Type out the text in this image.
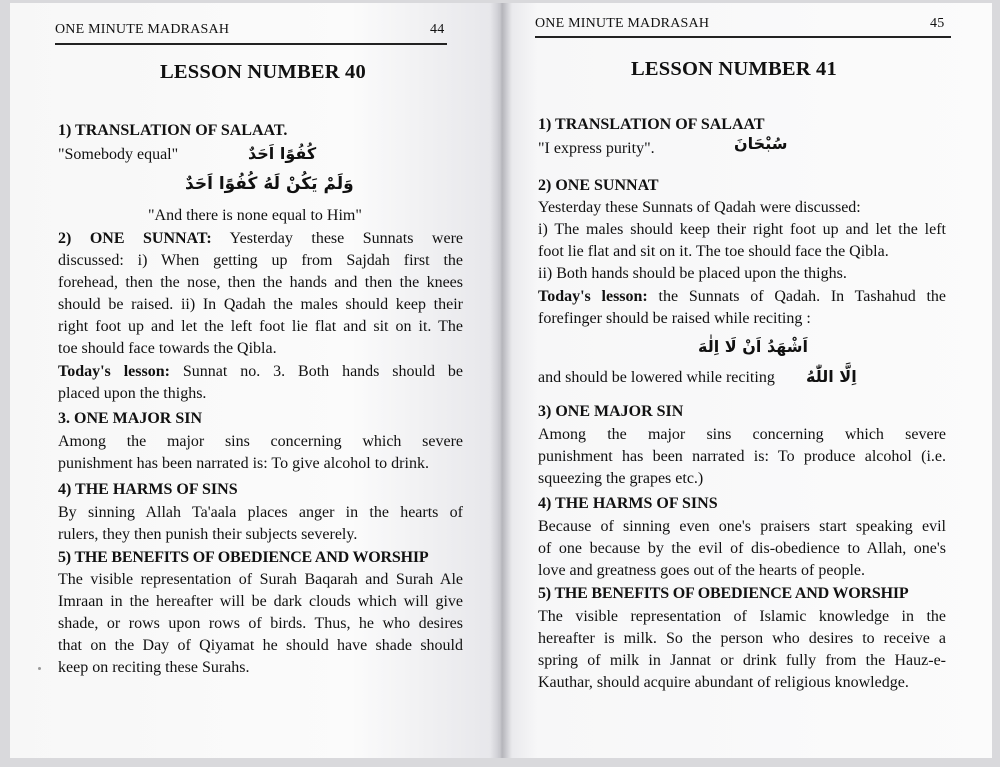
ONE MINUTE MADRASAH	44
LESSON NUMBER 40
1) TRANSLATION OF SALAAT.
"Somebody equal"	كُفُوًا اَحَدٌ
وَلَمْ يَكُنْ لَهُ كُفُوًا اَحَدٌ
"And there is none equal to Him"
2) ONE SUNNAT: Yesterday these Sunnats were
discussed: i) When getting up from Sajdah first the
forehead, then the nose, then the hands and then the knees
should be raised. ii) In Qadah the males should keep their
right foot up and let the left foot lie flat and sit on it. The
toe should face towards the Qibla.
Today's lesson: Sunnat no. 3. Both hands should be
placed upon the thighs.
3. ONE MAJOR SIN
Among the major sins concerning which severe
punishment has been narrated is: To give alcohol to drink.
4) THE HARMS OF SINS
By sinning Allah Ta'aala places anger in the hearts of
rulers, they then punish their subjects severely.
5) THE BENEFITS OF OBEDIENCE AND WORSHIP
The visible representation of Surah Baqarah and Surah Ale
Imraan in the hereafter will be dark clouds which will give
shade, or rows upon rows of birds. Thus, he who desires
that on the Day of Qiyamat he should have shade should
keep on reciting these Surahs.
ONE MINUTE MADRASAH	45
LESSON NUMBER 41
1) TRANSLATION OF SALAAT
"I express purity".	سُبْحَانَ
2) ONE SUNNAT
Yesterday these Sunnats of Qadah were discussed:
i) The males should keep their right foot up and let the left
foot lie flat and sit on it. The toe should face the Qibla.
ii) Both hands should be placed upon the thighs.
Today's lesson: the Sunnats of Qadah. In Tashahud the
forefinger should be raised while reciting :
اَشْهَدُ اَنْ لَا اِلٰهَ
and should be lowered while reciting اِلَّا اللّٰهُ
3) ONE MAJOR SIN
Among the major sins concerning which severe
punishment has been narrated is: To produce alcohol (i.e.
squeezing the grapes etc.)
4) THE HARMS OF SINS
Because of sinning even one's praisers start speaking evil
of one because by the evil of dis-obedience to Allah, one's
love and greatness goes out of the hearts of people.
5) THE BENEFITS OF OBEDIENCE AND WORSHIP
The visible representation of Islamic knowledge in the
hereafter is milk. So the person who desires to receive a
spring of milk in Jannat or drink fully from the Hauz-e-
Kauthar, should acquire abundant of religious knowledge.
